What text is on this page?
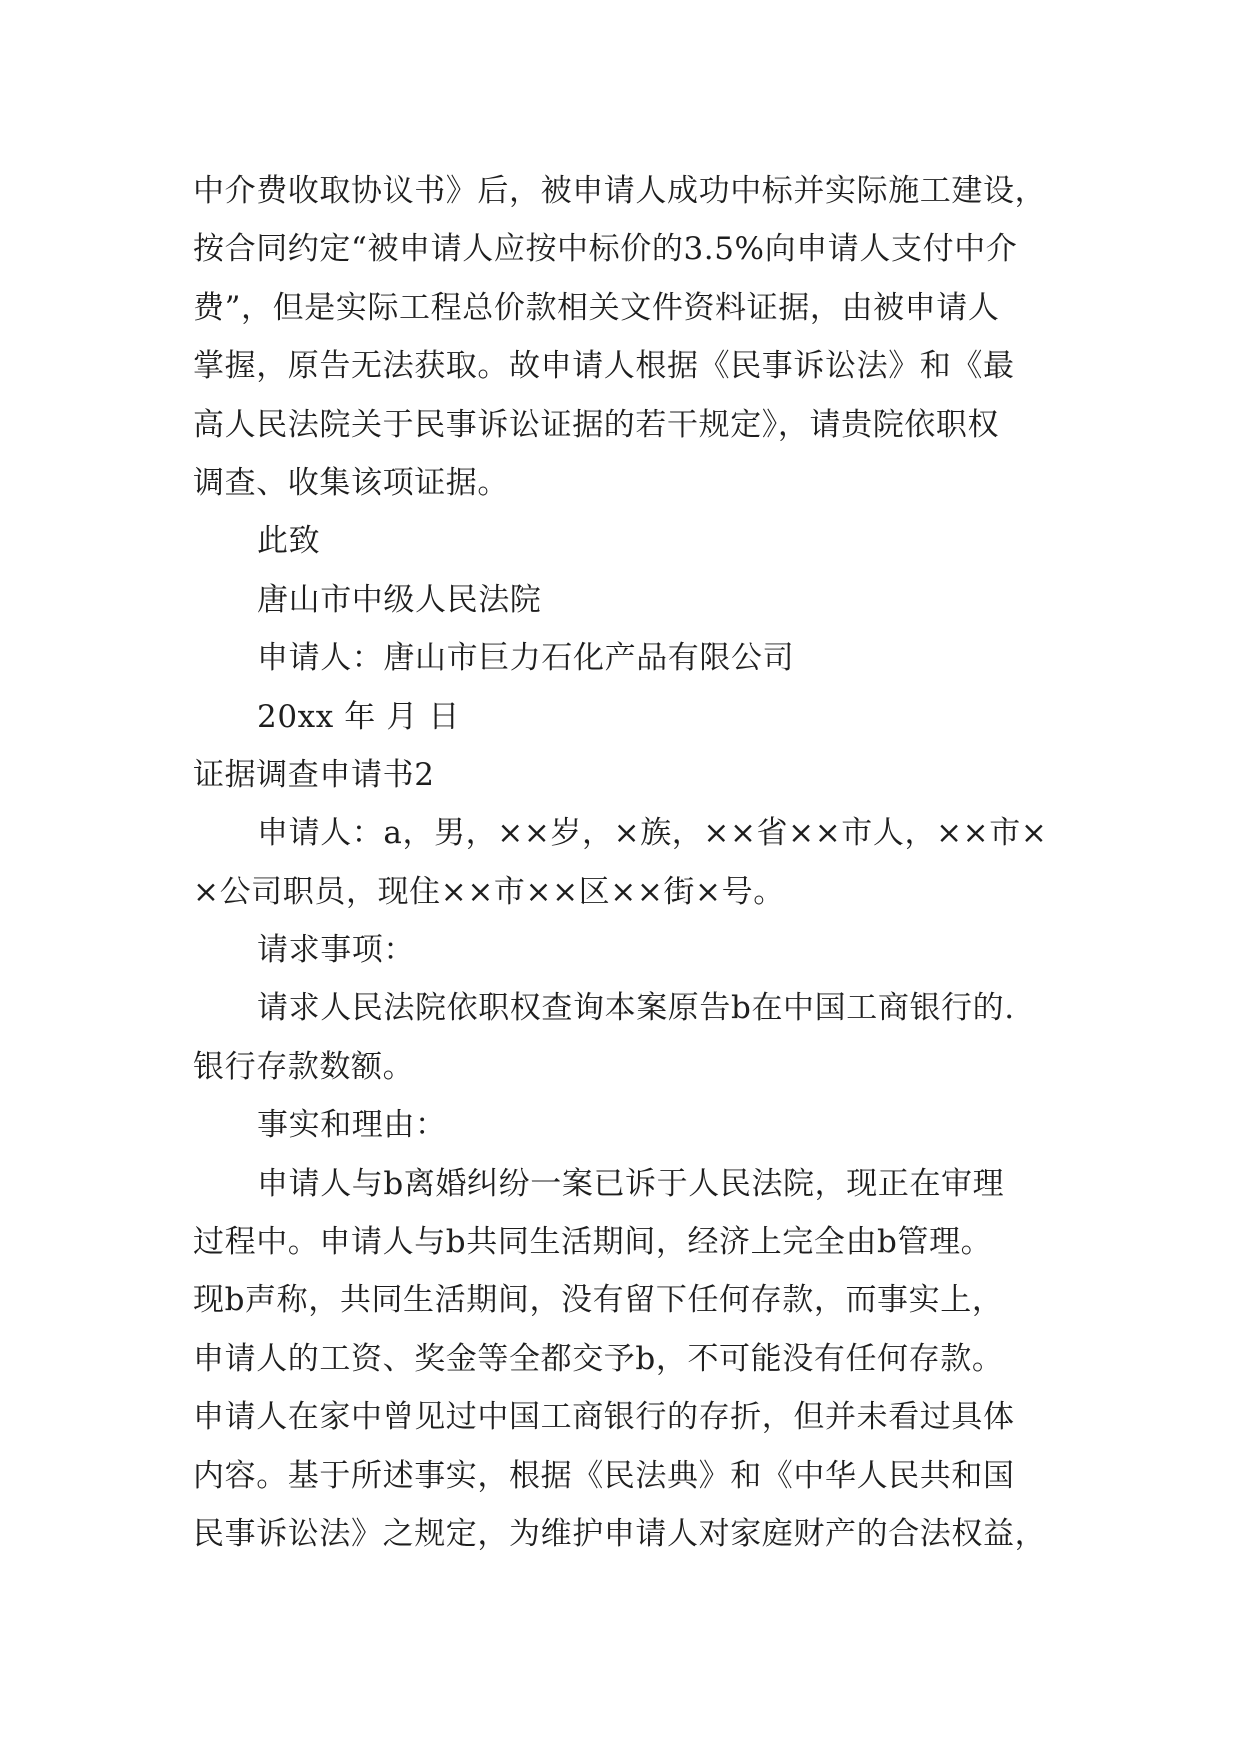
中介费收取协议书》后，被申请人成功中标并实际施工建设，
按合同约定“被申请人应按中标价的3.5%向申请人支付中介
费”，但是实际工程总价款相关文件资料证据，由被申请人
掌握，原告无法获取。故申请人根据《民事诉讼法》和《最
高人民法院关于民事诉讼证据的若干规定》，请贵院依职权
调查、收集该项证据。
此致
唐山市中级人民法院
申请人：唐山市巨力石化产品有限公司
20xx 年 月 日
证据调查申请书2
申请人：a，男，××岁，×族，××省××市人，××市×
×公司职员，现住××市××区××街×号。
请求事项：
请求人民法院依职权查询本案原告b在中国工商银行的.
银行存款数额。
事实和理由：
申请人与b离婚纠纷一案已诉于人民法院，现正在审理
过程中。申请人与b共同生活期间，经济上完全由b管理。
现b声称，共同生活期间，没有留下任何存款，而事实上，
申请人的工资、奖金等全都交予b，不可能没有任何存款。
申请人在家中曾见过中国工商银行的存折，但并未看过具体
内容。基于所述事实，根据《民法典》和《中华人民共和国
民事诉讼法》之规定，为维护申请人对家庭财产的合法权益，
